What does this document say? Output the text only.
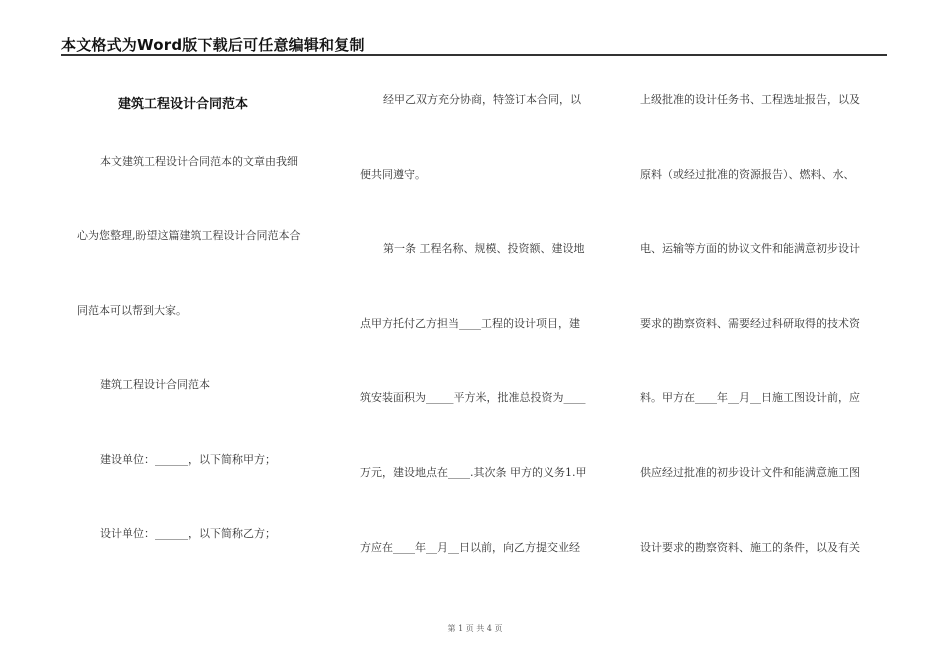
本文格式为Word版下载后可任意编辑和复制
建筑工程设计合同范本
本文建筑工程设计合同范本的文章由我细
心为您整理,盼望这篇建筑工程设计合同范本合
同范本可以帮到大家。
建筑工程设计合同范本
建设单位：______，以下简称甲方；
设计单位：______，以下简称乙方；
经甲乙双方充分协商，特签订本合同，以
便共同遵守。
第一条 工程名称、规模、投资额、建设地
点甲方托付乙方担当____工程的设计项目，建
筑安装面积为_____平方米，批准总投资为____
万元，建设地点在____.其次条 甲方的义务1.甲
方应在____年__月__日以前，向乙方提交业经
上级批准的设计任务书、工程选址报告，以及
原料（或经过批准的资源报告）、燃料、水、
电、运输等方面的协议文件和能满意初步设计
要求的勘察资料、需要经过科研取得的技术资
料。甲方在____年__月__日施工图设计前，应
供应经过批准的初步设计文件和能满意施工图
设计要求的勘察资料、施工的条件，以及有关
第 1 页 共 4 页
